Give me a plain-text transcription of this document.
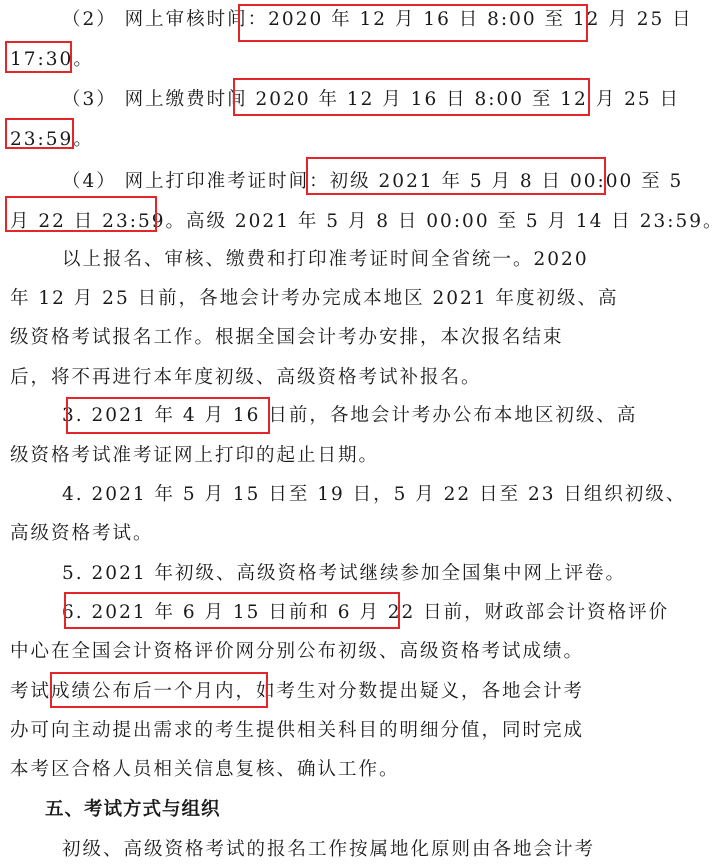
（2） 网上审核时间：2020 年 12 月 16 日 8:00 至 12 月 25 日
17:30。
（3） 网上缴费时间 2020 年 12 月 16 日 8:00 至 12 月 25 日
23:59。
（4） 网上打印准考证时间：初级 2021 年 5 月 8 日 00:00 至 5
月 22 日 23:59。高级 2021 年 5 月 8 日 00:00 至 5 月 14 日 23:59。
以上报名、审核、缴费和打印准考证时间全省统一。2020
年 12 月 25 日前，各地会计考办完成本地区 2021 年度初级、高
级资格考试报名工作。根据全国会计考办安排，本次报名结束
后，将不再进行本年度初级、高级资格考试补报名。
3. 2021 年 4 月 16 日前，各地会计考办公布本地区初级、高
级资格考试准考证网上打印的起止日期。
4. 2021 年 5 月 15 日至 19 日，5 月 22 日至 23 日组织初级、
高级资格考试。
5. 2021 年初级、高级资格考试继续参加全国集中网上评卷。
6. 2021 年 6 月 15 日前和 6 月 22 日前，财政部会计资格评价
中心在全国会计资格评价网分别公布初级、高级资格考试成绩。
考试成绩公布后一个月内，如考生对分数提出疑义，各地会计考
办可向主动提出需求的考生提供相关科目的明细分值，同时完成
本考区合格人员相关信息复核、确认工作。
五、考试方式与组织
初级、高级资格考试的报名工作按属地化原则由各地会计考
